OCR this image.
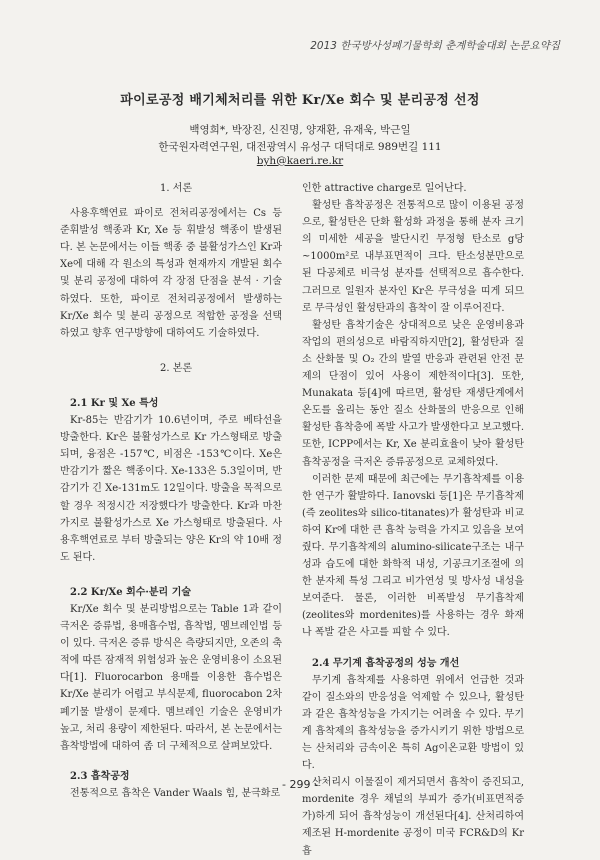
2013 한국방사성폐기물학회 춘계학술대회 논문요약집
파이로공정 배기체처리를 위한 Kr/Xe 회수 및 분리공정 선정
백영희*, 박장진, 신진명, 양재환, 유재욱, 박근일
한국원자력연구원, 대전광역시 유성구 대덕대로 989번길 111
byh@kaeri.re.kr

1. 서론

사용후핵연료 파이로 전처리공정에서는 Cs 등 준휘발성 핵종과 Kr, Xe 등 휘발성 핵종이 발생된다. 본 논문에서는 이들 핵종 중 불활성가스인 Kr과 Xe에 대해 각 원소의 특성과 현재까지 개발된 회수 및 분리 공정에 대하여 각 장점 단점을 분석 · 기술하였다. 또한, 파이로 전처리공정에서 발생하는 Kr/Xe 회수 및 분리 공정으로 적합한 공정을 선택하였고 향후 연구방향에 대하여도 기술하였다.

2. 본론

2.1 Kr 및 Xe 특성

Kr-85는 반감기가 10.6년이며, 주로 베타선을 방출한다. Kr은 불활성가스로 Kr 가스형태로 방출되며, 융점은 -157℃, 비점은 -153℃이다. Xe은 반감기가 짧은 핵종이다. Xe-133은 5.3일이며, 반감기가 긴 Xe-131m도 12일이다. 방출을 목적으로 할 경우 적정시간 저장했다가 방출한다. Kr과 마찬가지로 불활성가스로 Xe 가스형태로 방출된다. 사용후핵연료로 부터 방출되는 양은 Kr의 약 10배 정도 된다.

2.2 Kr/Xe 회수·분리 기술

Kr/Xe 회수 및 분리방법으로는 Table 1과 같이 극저온 증류법, 용매흡수법, 흡착법, 멤브레인법 등이 있다. 극저온 증류 방식은 측량되지만, 오존의 축적에 따른 잠재적 위험성과 높은 운영비용이 소요된다[1]. Fluorocarbon 용매를 이용한 흡수법은 Kr/Xe 분리가 어렵고 부식문제, fluorocabon 2차 폐기물 발생이 문제다. 멤브레인 기술은 운영비가 높고, 처리 용량이 제한된다. 따라서, 본 논문에서는 흡착방법에 대하여 좀 더 구체적으로 살펴보았다.

2.3 흡착공정

전통적으로 흡착은 Vander Waals 힘, 분극화로

인한 attractive charge로 일어난다.

활성탄 흡착공정은 전통적으로 많이 이용된 공정으로, 활성탄은 단화 활성화 과정을 통해 분자 크기의 미세한 세공을 발단시킨 무정형 탄소로 g당 ~1000m²로 내부표면적이 크다. 탄소성분만으로 된 다공체로 비극성 분자를 선택적으로 흡수한다. 그러므로 일원자 분자인 Kr은 무극성을 띠게 되므로 무극성인 활성탄과의 흡착이 잘 이루어진다.

활성탄 흡착기술은 상대적으로 낮은 운영비용과 작업의 편의성으로 바람직하지만[2], 활성탄과 질소 산화물 및 O₂ 간의 발열 반응과 관련된 안전 문제의 단점이 있어 사용이 제한적이다[3]. 또한, Munakata 등[4]에 따르면, 활성탄 재생단계에서 온도를 올리는 동안 질소 산화물의 반응으로 인해 활성탄 흡착층에 폭발 사고가 발생한다고 보고했다. 또한, ICPP에서는 Kr, Xe 분리효율이 낮아 활성탄 흡착공정을 극저온 증류공정으로 교체하였다.

이러한 문제 때문에 최근에는 무기흡착제를 이용한 연구가 활발하다. Ianovski 등[1]은 무기흡착제(즉 zeolites와 silico-titanates)가 활성탄과 비교하여 Kr에 대한 큰 흡착 능력을 가지고 있음을 보여줬다. 무기흡착제의 alumino-silicate구조는 내구성과 습도에 대한 화학적 내성, 기공크기조절에 의한 분자체 특성 그리고 비가연성 및 방사성 내성을 보여준다. 물론, 이러한 비폭발성 무기흡착제(zeolites와 mordenites)를 사용하는 경우 화재나 폭발 같은 사고를 피할 수 있다.

2.4 무기계 흡착공정의 성능 개선

무기계 흡착제를 사용하면 위에서 언급한 것과 같이 질소와의 반응성을 억제할 수 있으나, 활성탄과 같은 흡착성능을 가지기는 어려울 수 있다. 무기계 흡착제의 흡착성능을 증가시키기 위한 방법으로는 산처리와 금속이온 특히 Ag이온교환 방법이 있다.

산처리시 이물질이 제거되면서 흡착이 증진되고, mordenite 경우 채널의 부피가 증가(비표면적증가)하게 되어 흡착성능이 개선된다[4]. 산처리하여 제조된 H-mordenite 공정이 미국 FCR&D의 Kr 흡

- 299 -
